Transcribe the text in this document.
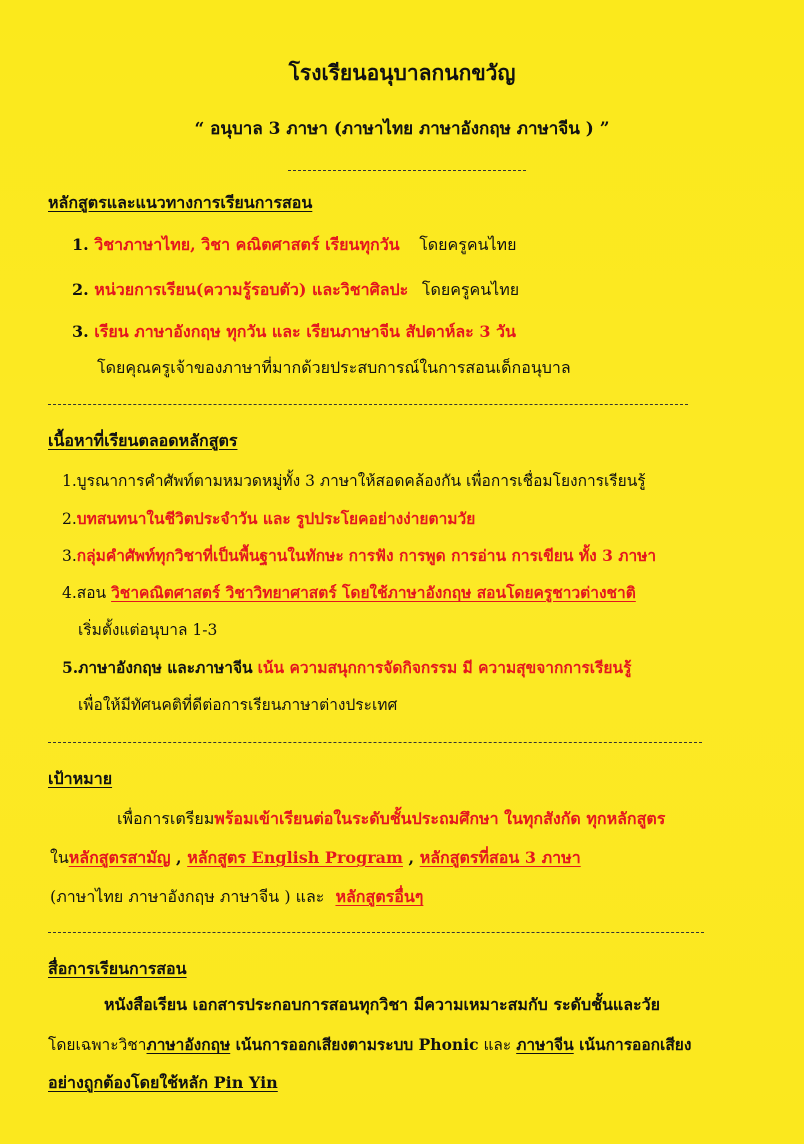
โรงเรียนอนุบาลกนกขวัญ
“ อนุบาล 3 ภาษา (ภาษาไทย ภาษาอังกฤษ ภาษาจีน ) ”
หลักสูตรและแนวทางการเรียนการสอน
1. วิชาภาษาไทย, วิชา คณิตศาสตร์ เรียนทุกวัน โดยครูคนไทย
2. หน่วยการเรียน(ความรู้รอบตัว) และวิชาศิลปะ โดยครูคนไทย
3. เรียน ภาษาอังกฤษ ทุกวัน และ เรียนภาษาจีน สัปดาห์ละ 3 วัน
โดยคุณครูเจ้าของภาษาที่มากด้วยประสบการณ์ในการสอนเด็กอนุบาล
เนื้อหาที่เรียนตลอดหลักสูตร
1.บูรณาการคำศัพท์ตามหมวดหมู่ทั้ง 3 ภาษาให้สอดคล้องกัน เพื่อการเชื่อมโยงการเรียนรู้
2.บทสนทนาในชีวิตประจำวัน และ รูปประโยคอย่างง่ายตามวัย
3.กลุ่มคำศัพท์ทุกวิชาที่เป็นพื้นฐานในทักษะ การฟัง การพูด การอ่าน การเขียน ทั้ง 3 ภาษา
4.สอน วิชาคณิตศาสตร์ วิชาวิทยาศาสตร์ โดยใช้ภาษาอังกฤษ สอนโดยครูชาวต่างชาติ
เริ่มตั้งแต่อนุบาล 1-3
5.ภาษาอังกฤษ และภาษาจีน เน้น ความสนุกการจัดกิจกรรม มี ความสุขจากการเรียนรู้
เพื่อให้มีทัศนคติที่ดีต่อการเรียนภาษาต่างประเทศ
เป้าหมาย
เพื่อการเตรียมพร้อมเข้าเรียนต่อในระดับชั้นประถมศึกษา ในทุกสังกัด ทุกหลักสูตร
ในหลักสูตรสามัญ , หลักสูตร English Program , หลักสูตรที่สอน 3 ภาษา
(ภาษาไทย ภาษาอังกฤษ ภาษาจีน ) และ หลักสูตรอื่นๆ
สื่อการเรียนการสอน
หนังสือเรียน เอกสารประกอบการสอนทุกวิชา มีความเหมาะสมกับ ระดับชั้นและวัย
โดยเฉพาะวิชาภาษาอังกฤษ เน้นการออกเสียงตามระบบ Phonic และ ภาษาจีน เน้นการออกเสียง
อย่างถูกต้องโดยใช้หลัก Pin Yin
